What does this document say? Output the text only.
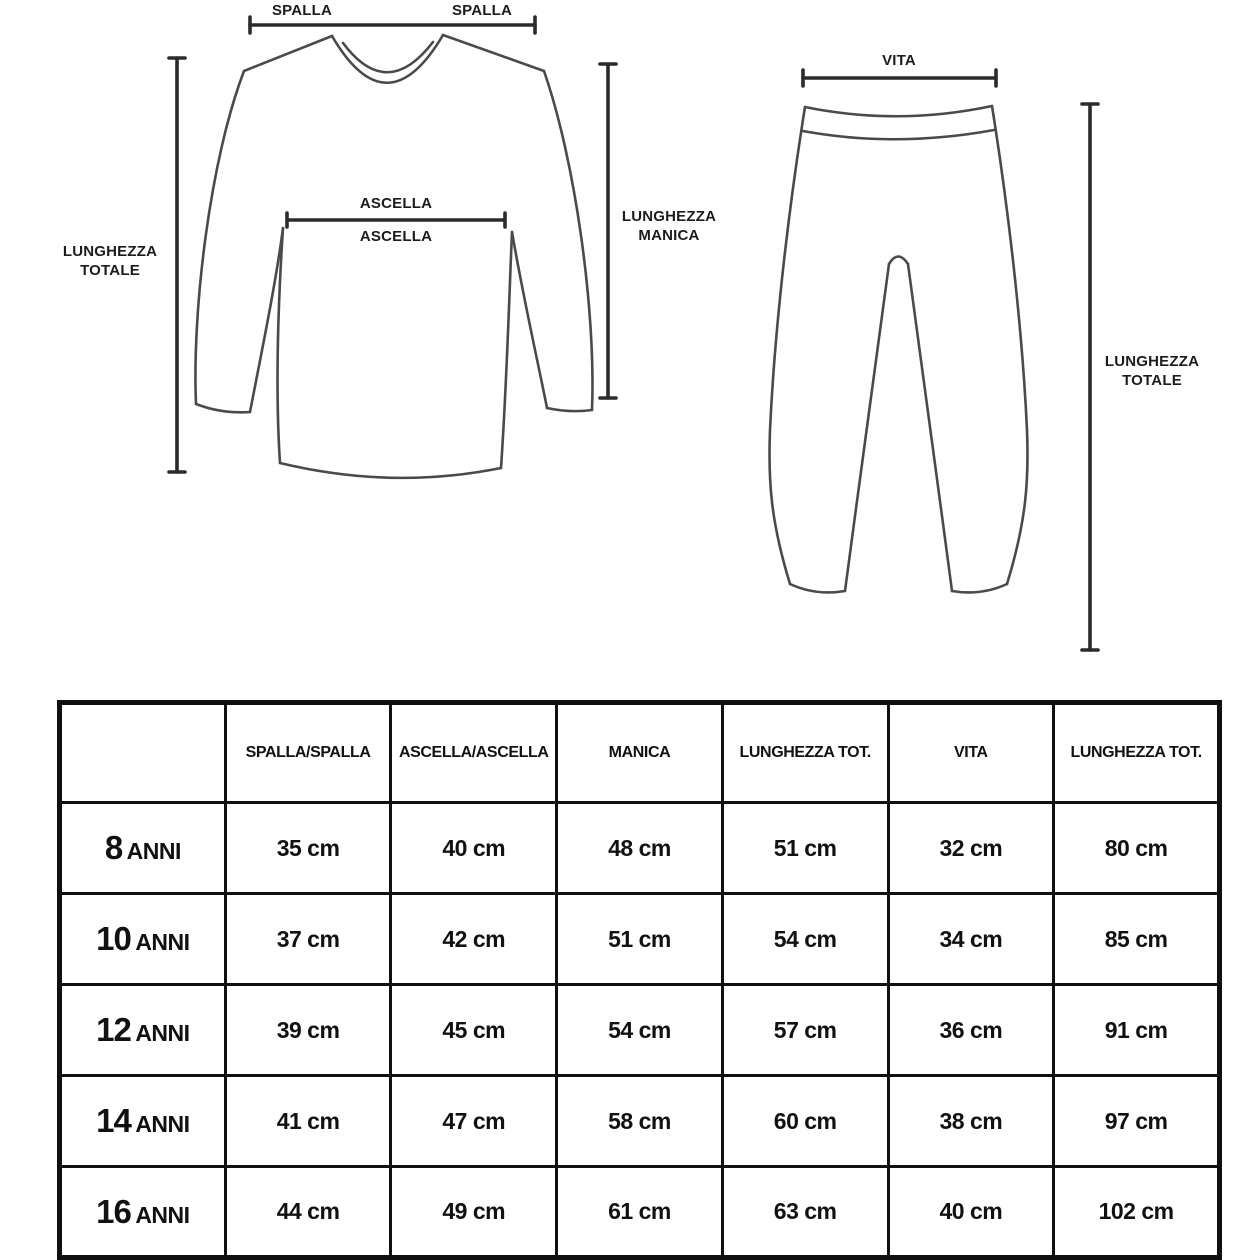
SPALLA	SPALLA
LUNGHEZZA
TOTALE
ASCELLA
ASCELLA
LUNGHEZZA
MANICA
VITA
LUNGHEZZA
TOTALE
TUTE RAGAZZO	SPALLA/SPALLA	ASCELLA/ASCELLA	MANICA	LUNGHEZZA TOT.	VITA	LUNGHEZZA TOT.
8 ANNI	35 cm	40 cm	48 cm	51 cm	32 cm	80 cm
10 ANNI	37 cm	42 cm	51 cm	54 cm	34 cm	85 cm
12 ANNI	39 cm	45 cm	54 cm	57 cm	36 cm	91 cm
14 ANNI	41 cm	47 cm	58 cm	60 cm	38 cm	97 cm
16 ANNI	44 cm	49 cm	61 cm	63 cm	40 cm	102 cm
